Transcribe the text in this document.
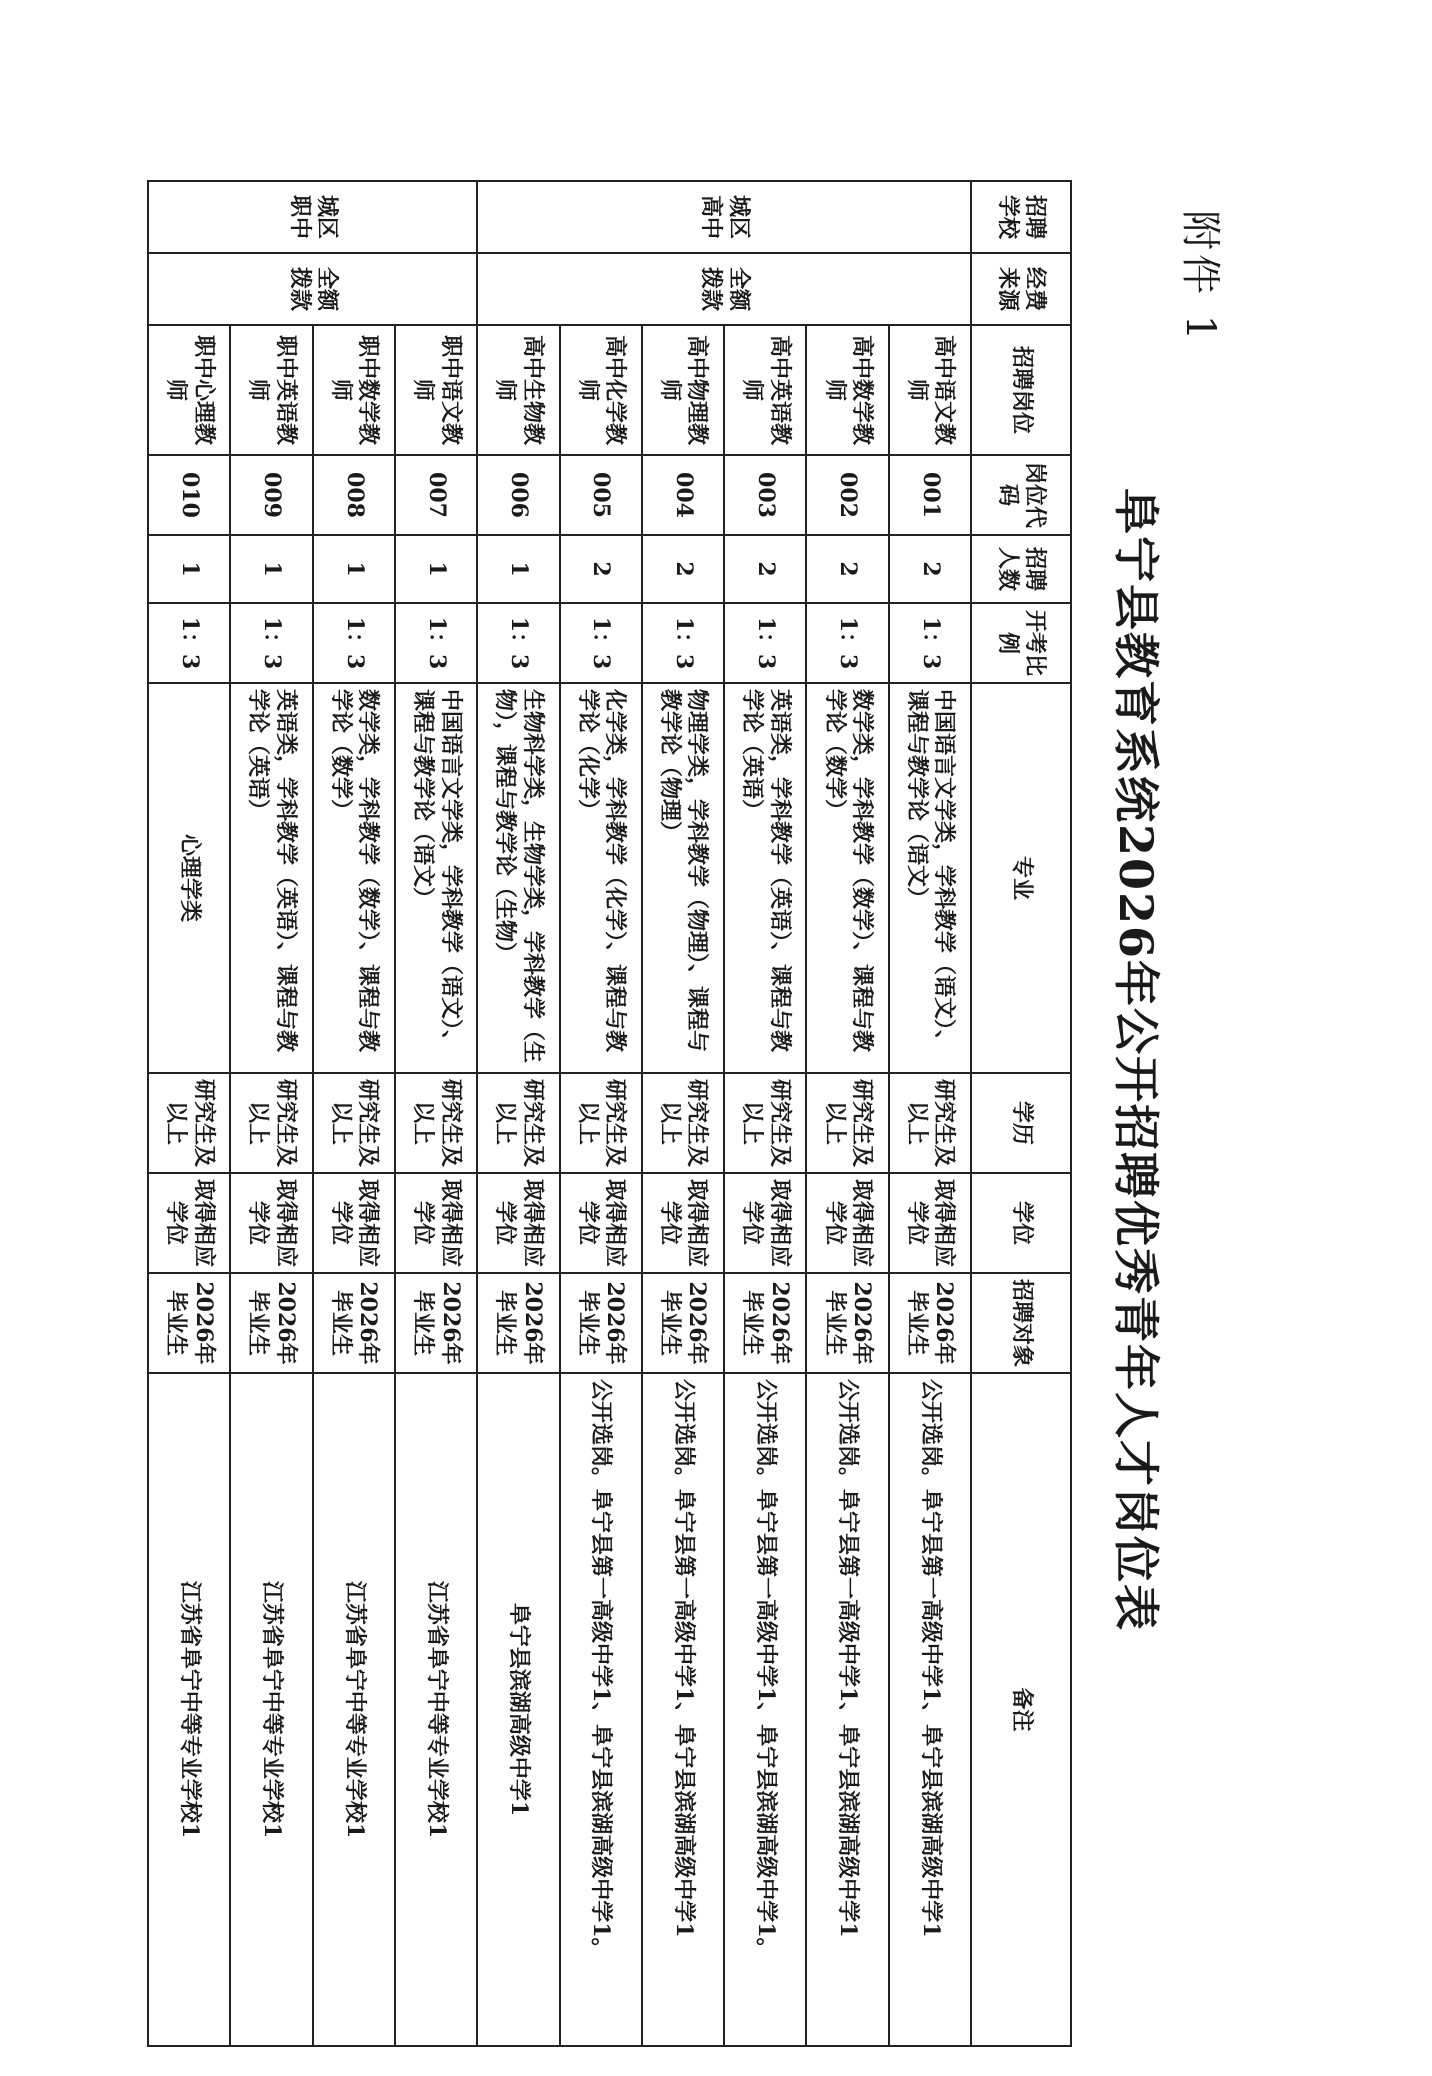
附件 1
阜宁县教育系统2026年公开招聘优秀青年人才岗位表
招聘学校	经费来源	招聘岗位	岗位代码	招聘人数	开考比例	专业	学历	学位	招聘对象	备注
城区高中	全额拨款	高中语文教师	001	2	1：3	中国语言文学类，学科教学（语文）、课程与教学论（语文）	研究生及以上	取得相应学位	2026年毕业生	公开选岗。阜宁县第一高级中学1、阜宁县滨湖高级中学1
		高中数学教师	002	2	1：3	数学类，学科教学（数学）、课程与教学论（数学）	研究生及以上	取得相应学位	2026年毕业生	公开选岗。阜宁县第一高级中学1、阜宁县滨湖高级中学1
		高中英语教师	003	2	1：3	英语类，学科教学（英语）、课程与教学论（英语）	研究生及以上	取得相应学位	2026年毕业生	公开选岗。阜宁县第一高级中学1、阜宁县滨湖高级中学1。
		高中物理教师	004	2	1：3	物理学类，学科教学（物理）、课程与教学论（物理）	研究生及以上	取得相应学位	2026年毕业生	公开选岗。阜宁县第一高级中学1、阜宁县滨湖高级中学1
		高中化学教师	005	2	1：3	化学类，学科教学（化学）、课程与教学论（化学）	研究生及以上	取得相应学位	2026年毕业生	公开选岗。阜宁县第一高级中学1、阜宁县滨湖高级中学1。
		高中生物教师	006	1	1：3	生物科学类，生物学类，学科教学（生物），课程与教学论（生物）	研究生及以上	取得相应学位	2026年毕业生	阜宁县滨湖高级中学1
城区职中	全额拨款	职中语文教师	007	1	1：3	中国语言文学类，学科教学（语文）、课程与教学论（语文）	研究生及以上	取得相应学位	2026年毕业生	江苏省阜宁中等专业学校1
		职中数学教师	008	1	1：3	数学类，学科教学（数学）、课程与教学论（数学）	研究生及以上	取得相应学位	2026年毕业生	江苏省阜宁中等专业学校1
		职中英语教师	009	1	1：3	英语类，学科教学（英语）、课程与教学论（英语）	研究生及以上	取得相应学位	2026年毕业生	江苏省阜宁中等专业学校1
		职中心理教师	010	1	1：3	心理学类	研究生及以上	取得相应学位	2026年毕业生	江苏省阜宁中等专业学校1
